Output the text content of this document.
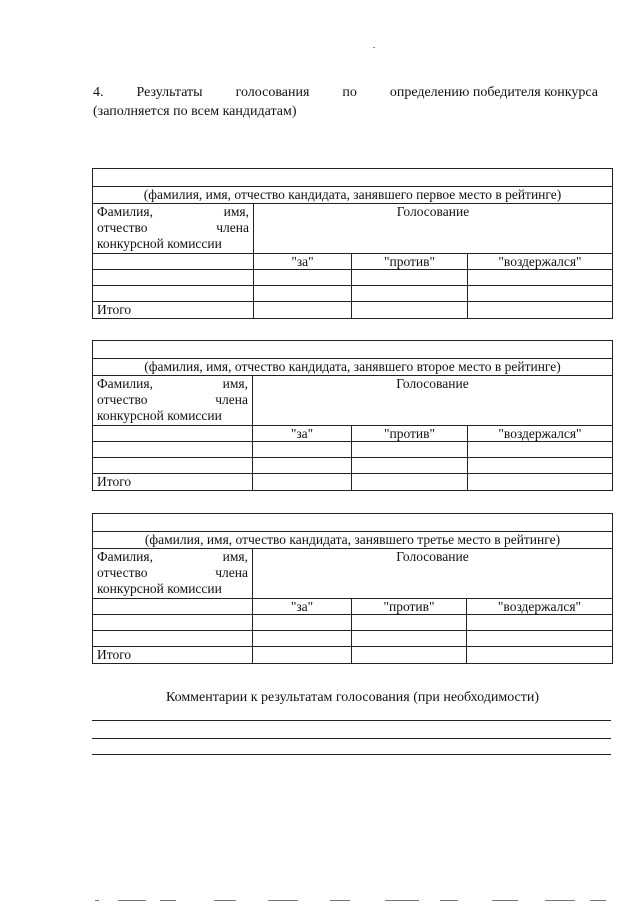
4. Результаты голосования по определению победителя конкурса
(заполняется по всем кандидатам)

(фамилия, имя, отчество кандидата, занявшего первое место в рейтинге)			

Фамилия, имя,
отчество члена
конкурсной комиссии	Голосование		
	"за"	"против"	"воздержался"

Итого			

(фамилия, имя, отчество кандидата, занявшего второе место в рейтинге)			

Фамилия, имя,
отчество члена
конкурсной комиссии	Голосование		
	"за"	"против"	"воздержался"

Итого			

(фамилия, имя, отчество кандидата, занявшего третье место в рейтинге)			

Фамилия, имя,
отчество члена
конкурсной комиссии	Голосование		
	"за"	"против"	"воздержался"

Итого			
Комментарии к результатам голосования (при необходимости)
